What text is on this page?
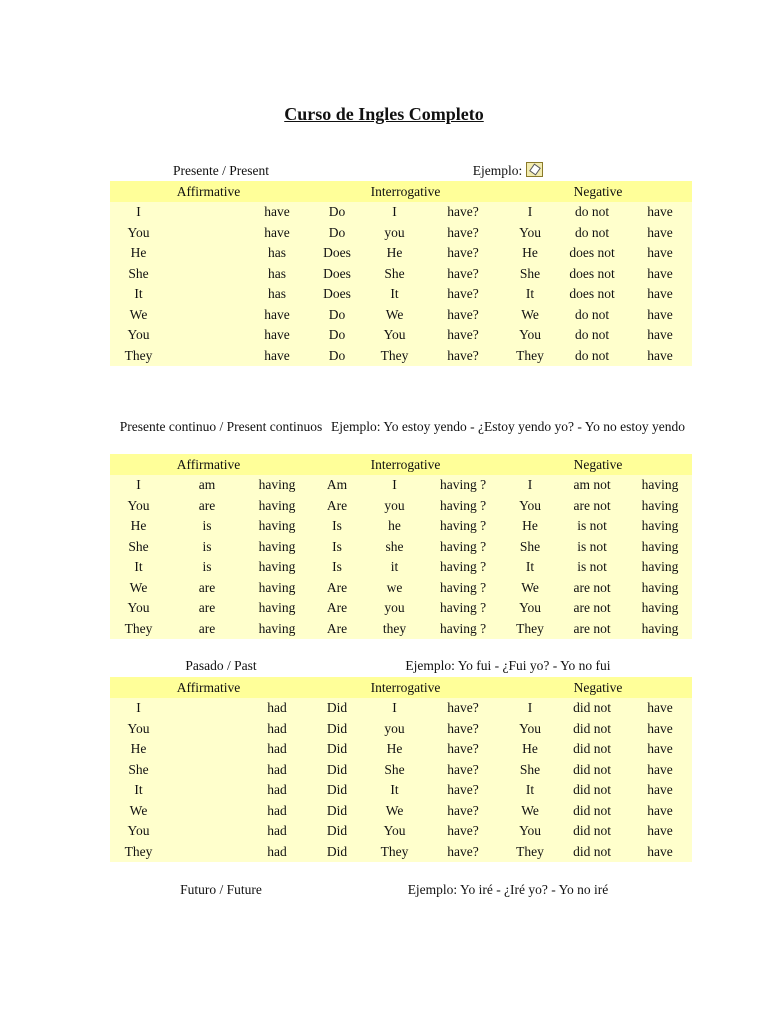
Curso de Ingles Completo
Presente / Present	Ejemplo:
Affirmative			Interrogative			Negative		
I		have	Do	I	have?	I	do not	have
You		have	Do	you	have?	You	do not	have
He		has	Does	He	have?	He	does not	have
She		has	Does	She	have?	She	does not	have
It		has	Does	It	have?	It	does not	have
We		have	Do	We	have?	We	do not	have
You		have	Do	You	have?	You	do not	have
They		have	Do	They	have?	They	do not	have
Presente continuo / Present continuos Ejemplo: Yo estoy yendo - ¿Estoy yendo yo? - Yo no estoy yendo
Affirmative			Interrogative			Negative		
I	am	having	Am	I	having ?	I	am not	having
You	are	having	Are	you	having ?	You	are not	having
He	is	having	Is	he	having ?	He	is not	having
She	is	having	Is	she	having ?	She	is not	having
It	is	having	Is	it	having ?	It	is not	having
We	are	having	Are	we	having ?	We	are not	having
You	are	having	Are	you	having ?	You	are not	having
They	are	having	Are	they	having ?	They	are not	having
Pasado / Past	Ejemplo: Yo fui - ¿Fui yo? - Yo no fui
Affirmative			Interrogative			Negative		
I		had	Did	I	have?	I	did not	have
You		had	Did	you	have?	You	did not	have
He		had	Did	He	have?	He	did not	have
She		had	Did	She	have?	She	did not	have
It		had	Did	It	have?	It	did not	have
We		had	Did	We	have?	We	did not	have
You		had	Did	You	have?	You	did not	have
They		had	Did	They	have?	They	did not	have
Futuro / Future	Ejemplo: Yo iré - ¿Iré yo? - Yo no iré
